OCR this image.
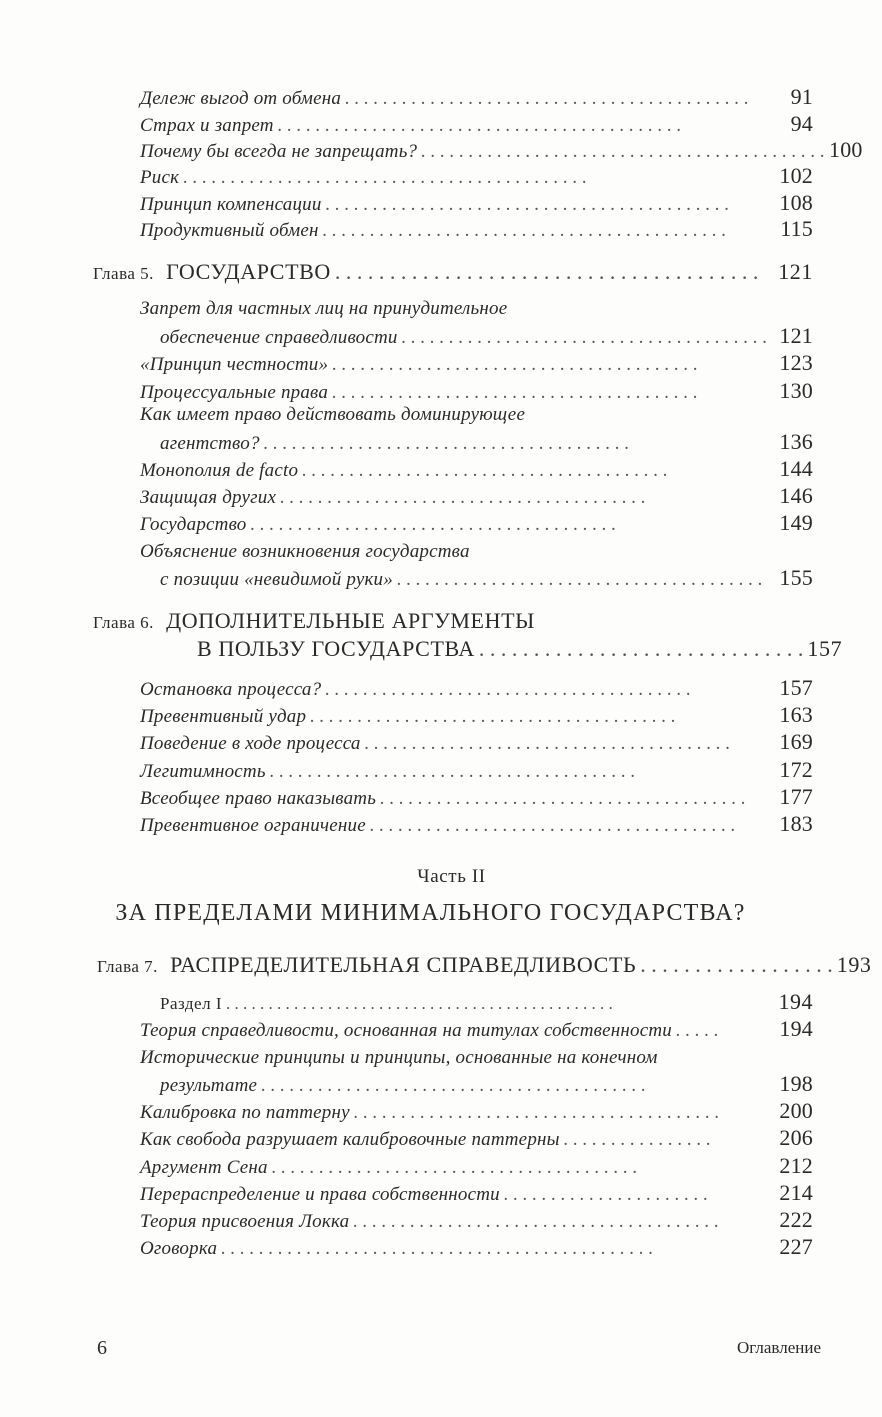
Дележ выгод от обмена . . . . . . . . . . . . . . . . . . . . . . . . . . . . . . . . . . . . . . . . . . .	91
Страх и запрет . . . . . . . . . . . . . . . . . . . . . . . . . . . . . . . . . . . . . . . . . . .	94
Почему бы всегда не запрещать? . . . . . . . . . . . . . . . . . . . . . . . . . . . . . . . . . . . . . . . . . . . 100
Риск . . . . . . . . . . . . . . . . . . . . . . . . . . . . . . . . . . . . . . . . . . .	102
Принцип компенсации . . . . . . . . . . . . . . . . . . . . . . . . . . . . . . . . . . . . . . . . . . .	108
Продуктивный обмен . . . . . . . . . . . . . . . . . . . . . . . . . . . . . . . . . . . . . . . . . . .	115
Глава 5. ГОСУДАРСТВО . . . . . . . . . . . . . . . . . . . . . . . . . . . . . . . . . . . . . . . 121
Запрет для частных лиц на принудительное
обеспечение справедливости . . . . . . . . . . . . . . . . . . . . . . . . . . . . . . . . . . . . . . . 121
«Принцип честности» . . . . . . . . . . . . . . . . . . . . . . . . . . . . . . . . . . . . . . .	123
Процессуальные права . . . . . . . . . . . . . . . . . . . . . . . . . . . . . . . . . . . . . . .	130
Как имеет право действовать доминирующее
агентство? . . . . . . . . . . . . . . . . . . . . . . . . . . . . . . . . . . . . . . .	136
Монополия de facto . . . . . . . . . . . . . . . . . . . . . . . . . . . . . . . . . . . . . . .	144
Защищая других . . . . . . . . . . . . . . . . . . . . . . . . . . . . . . . . . . . . . . .	146
Государство . . . . . . . . . . . . . . . . . . . . . . . . . . . . . . . . . . . . . . .	149
Объяснение возникновения государства
с позиции «невидимой руки» . . . . . . . . . . . . . . . . . . . . . . . . . . . . . . . . . . . . . . . 155
Глава 6. ДОПОЛНИТЕЛЬНЫЕ АРГУМЕНТЫ
В ПОЛЬЗУ ГОСУДАРСТВА . . . . . . . . . . . . . . . . . . . . . . . . . . . . . . 157
Остановка процесса? . . . . . . . . . . . . . . . . . . . . . . . . . . . . . . . . . . . . . . .	157
Превентивный удар . . . . . . . . . . . . . . . . . . . . . . . . . . . . . . . . . . . . . . .	163
Поведение в ходе процесса . . . . . . . . . . . . . . . . . . . . . . . . . . . . . . . . . . . . . . .	169
Легитимность . . . . . . . . . . . . . . . . . . . . . . . . . . . . . . . . . . . . . . .	172
Всеобщее право наказывать . . . . . . . . . . . . . . . . . . . . . . . . . . . . . . . . . . . . . . .	177
Превентивное ограничение . . . . . . . . . . . . . . . . . . . . . . . . . . . . . . . . . . . . . . .	183
Часть II
ЗА ПРЕДЕЛАМИ МИНИМАЛЬНОГО ГОСУДАРСТВА?
Глава 7. РАСПРЕДЕЛИТЕЛЬНАЯ СПРАВЕДЛИВОСТЬ . . . . . . . . . . . . . . . . . . 193
Раздел I . . . . . . . . . . . . . . . . . . . . . . . . . . . . . . . . . . . . . . . . . . . . . .	194
Теория справедливости, основанная на титулах собственности . . . . .	194
Исторические принципы и принципы, основанные на конечном
результате . . . . . . . . . . . . . . . . . . . . . . . . . . . . . . . . . . . . . . . . .	198
Калибровка по паттерну . . . . . . . . . . . . . . . . . . . . . . . . . . . . . . . . . . . . . . .	200
Как свобода разрушает калибровочные паттерны . . . . . . . . . . . . . . . .	206
Аргумент Сена . . . . . . . . . . . . . . . . . . . . . . . . . . . . . . . . . . . . . . .	212
Перераспределение и права собственности . . . . . . . . . . . . . . . . . . . . . .	214
Теория присвоения Локка . . . . . . . . . . . . . . . . . . . . . . . . . . . . . . . . . . . . . . .	222
Оговорка . . . . . . . . . . . . . . . . . . . . . . . . . . . . . . . . . . . . . . . . . . . . . .	227
6	Оглавление
